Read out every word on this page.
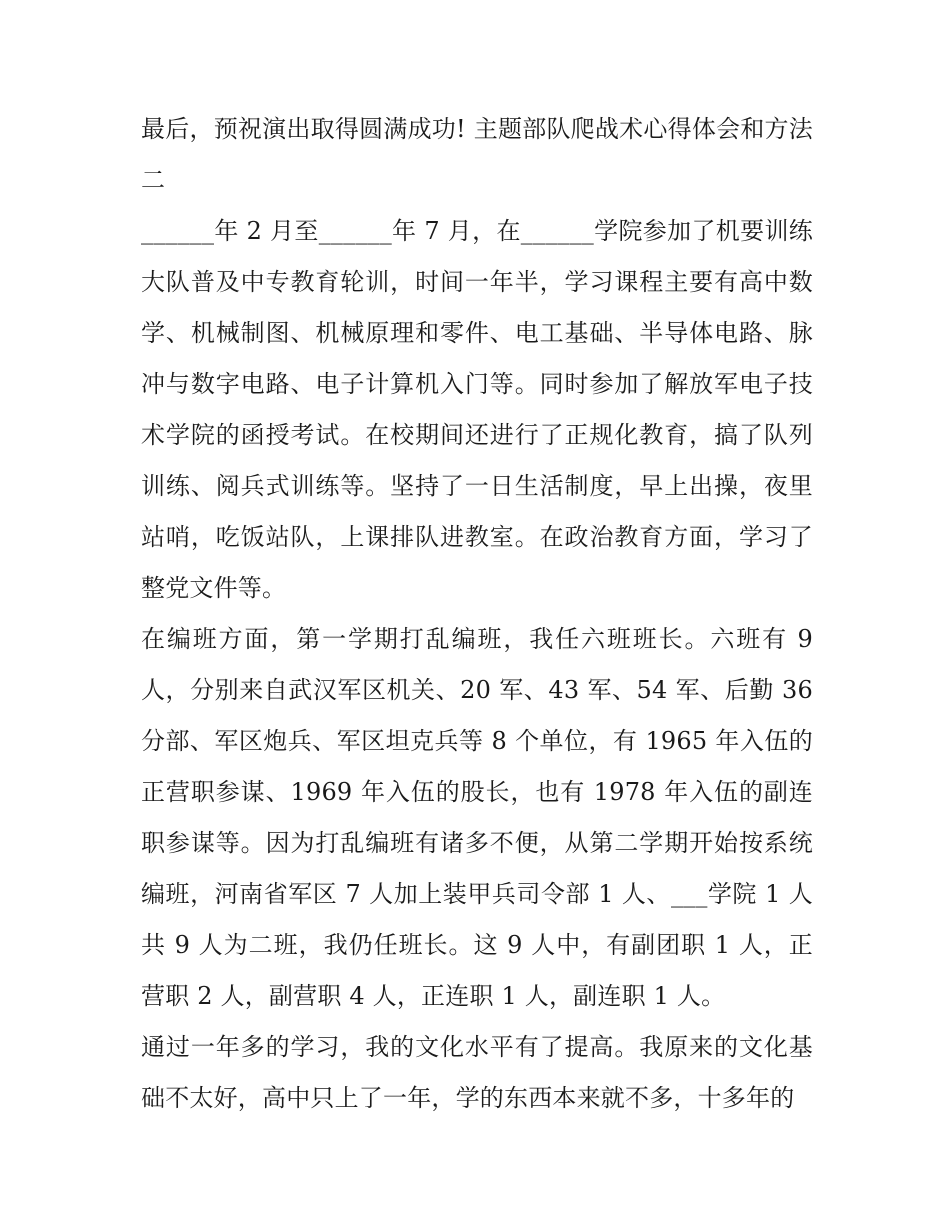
最后，预祝演出取得圆满成功! 主题部队爬战术心得体会和方法二

______年 2 月至______年 7 月，在______学院参加了机要训练大队普及中专教育轮训，时间一年半，学习课程主要有高中数学、机械制图、机械原理和零件、电工基础、半导体电路、脉冲与数字电路、电子计算机入门等。同时参加了解放军电子技术学院的函授考试。在校期间还进行了正规化教育，搞了队列训练、阅兵式训练等。坚持了一日生活制度，早上出操，夜里站哨，吃饭站队，上课排队进教室。在政治教育方面，学习了整党文件等。

在编班方面，第一学期打乱编班，我任六班班长。六班有 9 人，分别来自武汉军区机关、20 军、43 军、54 军、后勤 36 分部、军区炮兵、军区坦克兵等 8 个单位，有 1965 年入伍的正营职参谋、1969 年入伍的股长，也有 1978 年入伍的副连职参谋等。因为打乱编班有诸多不便，从第二学期开始按系统编班，河南省军区 7 人加上装甲兵司令部 1 人、___学院 1 人共 9 人为二班，我仍任班长。这 9 人中，有副团职 1 人，正营职 2 人，副营职 4 人，正连职 1 人，副连职 1 人。

通过一年多的学习，我的文化水平有了提高。我原来的文化基础不太好，高中只上了一年，学的东西本来就不多，十多年的
